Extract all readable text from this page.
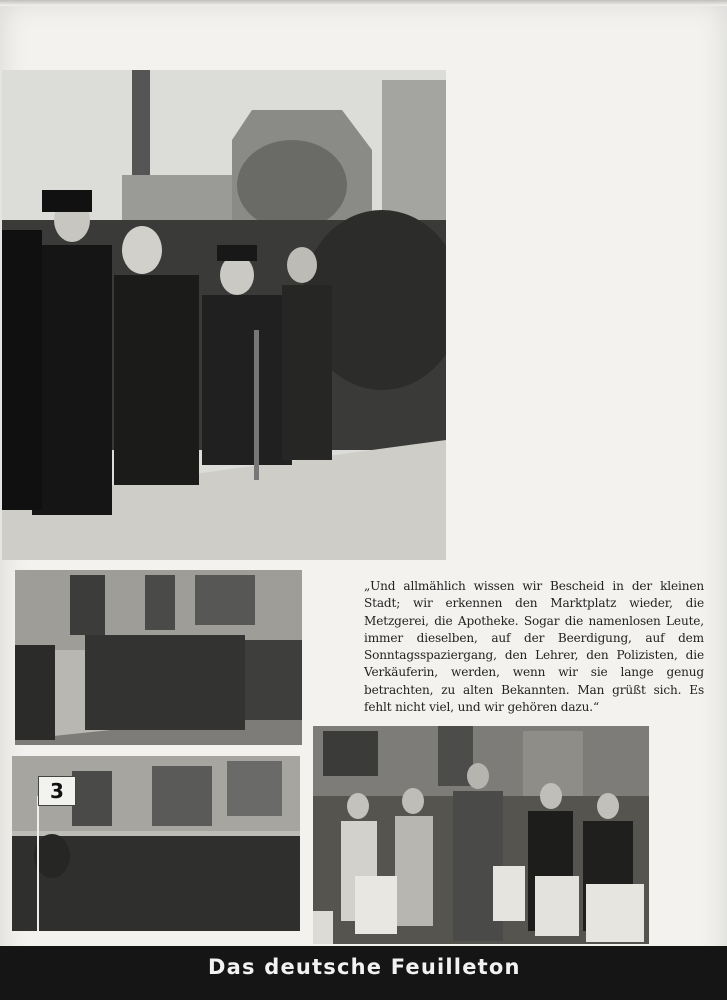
3
„Und allmählich wissen wir Bescheid in der kleinen Stadt; wir erkennen den Marktplatz wieder, die Metzgerei, die Apotheke. Sogar die namenlosen Leute, immer dieselben, auf der Beerdigung, auf dem Sonntagsspaziergang, den Lehrer, den Polizisten, die Verkäuferin, werden, wenn wir sie lange genug betrachten, zu alten Bekannten. Man grüßt sich. Es fehlt nicht viel, und wir gehören dazu.“
Das deutsche Feuilleton
